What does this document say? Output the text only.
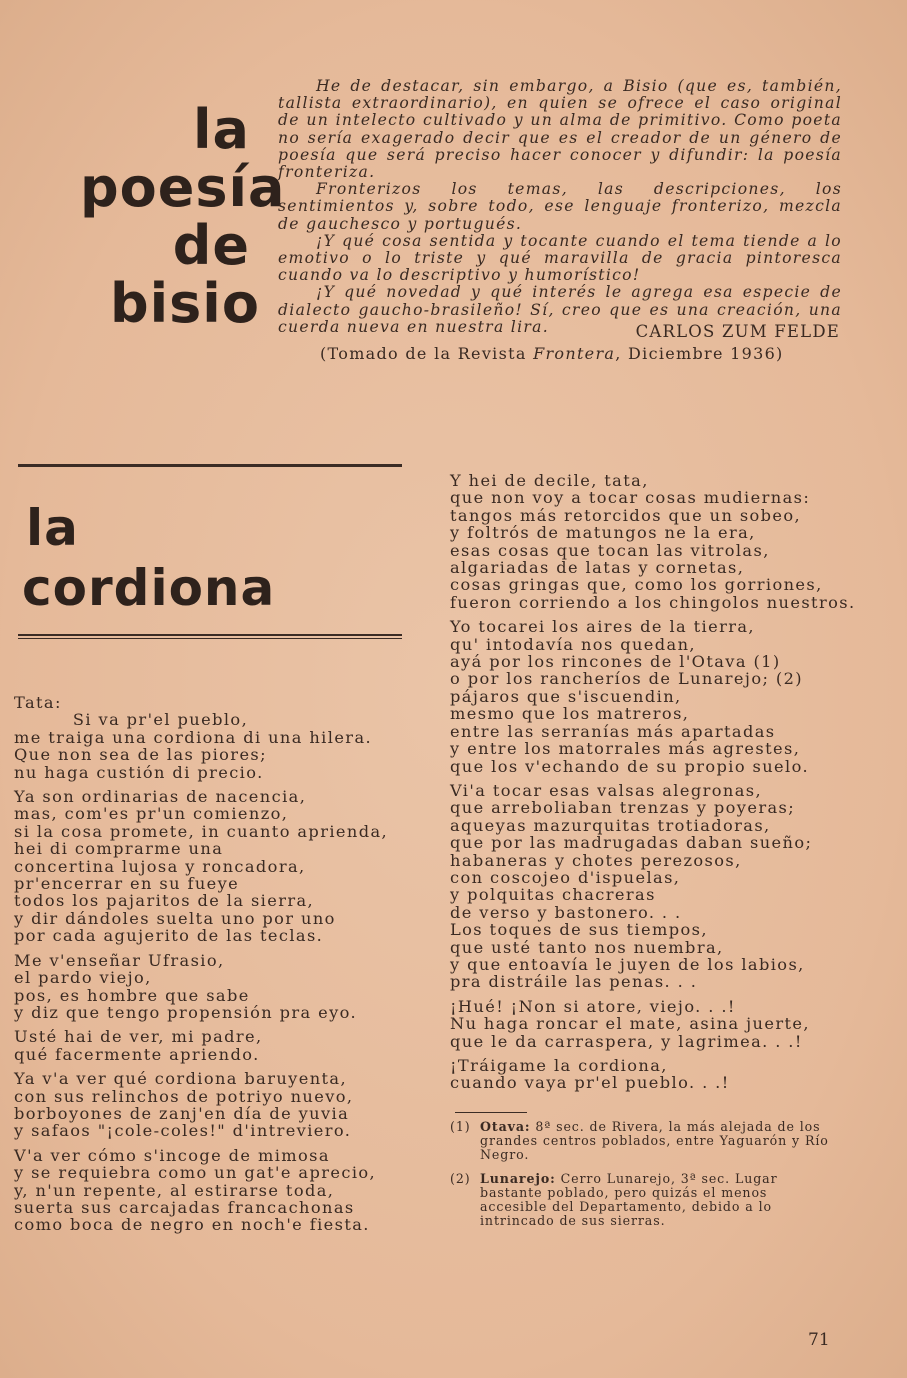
la
poesía
de
bisio

He de destacar, sin embargo, a Bisio (que es, también, tallista extraordinario), en quien se ofrece el caso original de un intelecto cultivado y un alma de primitivo. Como poeta no sería exagerado decir que es el creador de un género de poesía que será preciso hacer conocer y difundir: la poesía fronteriza.

Fronterizos los temas, las descripciones, los sentimientos y, sobre todo, ese lenguaje fronterizo, mezcla de gauchesco y portugués.

¡Y qué cosa sentida y tocante cuando el tema tiende a lo emotivo o lo triste y qué maravilla de gracia pintoresca cuando va lo descriptivo y humorístico!

¡Y qué novedad y qué interés le agrega esa especie de dialecto gaucho-brasileño! Sí, creo que es una creación, una cuerda nueva en nuestra lira.	CARLOS ZUM FELDE
(Tomado de la Revista Frontera, Diciembre 1936)
la
cordiona
Tata:
Si va pr'el pueblo,
me traiga una cordiona di una hilera.
Que non sea de las piores;
nu haga custión di precio.
Ya son ordinarias de nacencia,
mas, com'es pr'un comienzo,
si la cosa promete, in cuanto aprienda,
hei di comprarme una
concertina lujosa y roncadora,
pr'encerrar en su fueye
todos los pajaritos de la sierra,
y dir dándoles suelta uno por uno
por cada agujerito de las teclas.
Me v'enseñar Ufrasio,
el pardo viejo,
pos, es hombre que sabe
y diz que tengo propensión pra eyo.
Usté hai de ver, mi padre,
qué facermente apriendo.
Ya v'a ver qué cordiona baruyenta,
con sus relinchos de potriyo nuevo,
borboyones de zanj'en día de yuvia
y safaos "¡cole-coles!" d'intreviero.
V'a ver cómo s'incoge de mimosa
y se requiebra como un gat'e aprecio,
y, n'un repente, al estirarse toda,
suerta sus carcajadas francachonas
como boca de negro en noch'e fiesta.
Y hei de decile, tata,
que non voy a tocar cosas mudiernas:
tangos más retorcidos que un sobeo,
y foltrós de matungos ne la era,
esas cosas que tocan las vitrolas,
algariadas de latas y cornetas,
cosas gringas que, como los gorriones,
fueron corriendo a los chingolos nuestros.
Yo tocarei los aires de la tierra,
qu' intodavía nos quedan,
ayá por los rincones de l'Otava (1)
o por los rancheríos de Lunarejo; (2)
pájaros que s'iscuendin,
mesmo que los matreros,
entre las serranías más apartadas
y entre los matorrales más agrestes,
que los v'echando de su propio suelo.
Vi'a tocar esas valsas alegronas,
que arreboliaban trenzas y poyeras;
aqueyas mazurquitas trotiadoras,
que por las madrugadas daban sueño;
habaneras y chotes perezosos,
con coscojeo d'ispuelas,
y polquitas chacreras
de verso y bastonero. . .
Los toques de sus tiempos,
que usté tanto nos nuembra,
y que entoavía le juyen de los labios,
pra distráile las penas. . .
¡Hué! ¡Non si atore, viejo. . .!
Nu haga roncar el mate, asina juerte,
que le da carraspera, y lagrimea. . .!
¡Tráigame la cordiona,
cuando vaya pr'el pueblo. . .!
(1) Otava: 8ª sec. de Rivera, la más alejada de los grandes centros poblados, entre Yaguarón y Río Negro.
(2) Lunarejo: Cerro Lunarejo, 3ª sec. Lugar bastante poblado, pero quizás el menos accesible del Departamento, debido a lo intrincado de sus sierras.
71
